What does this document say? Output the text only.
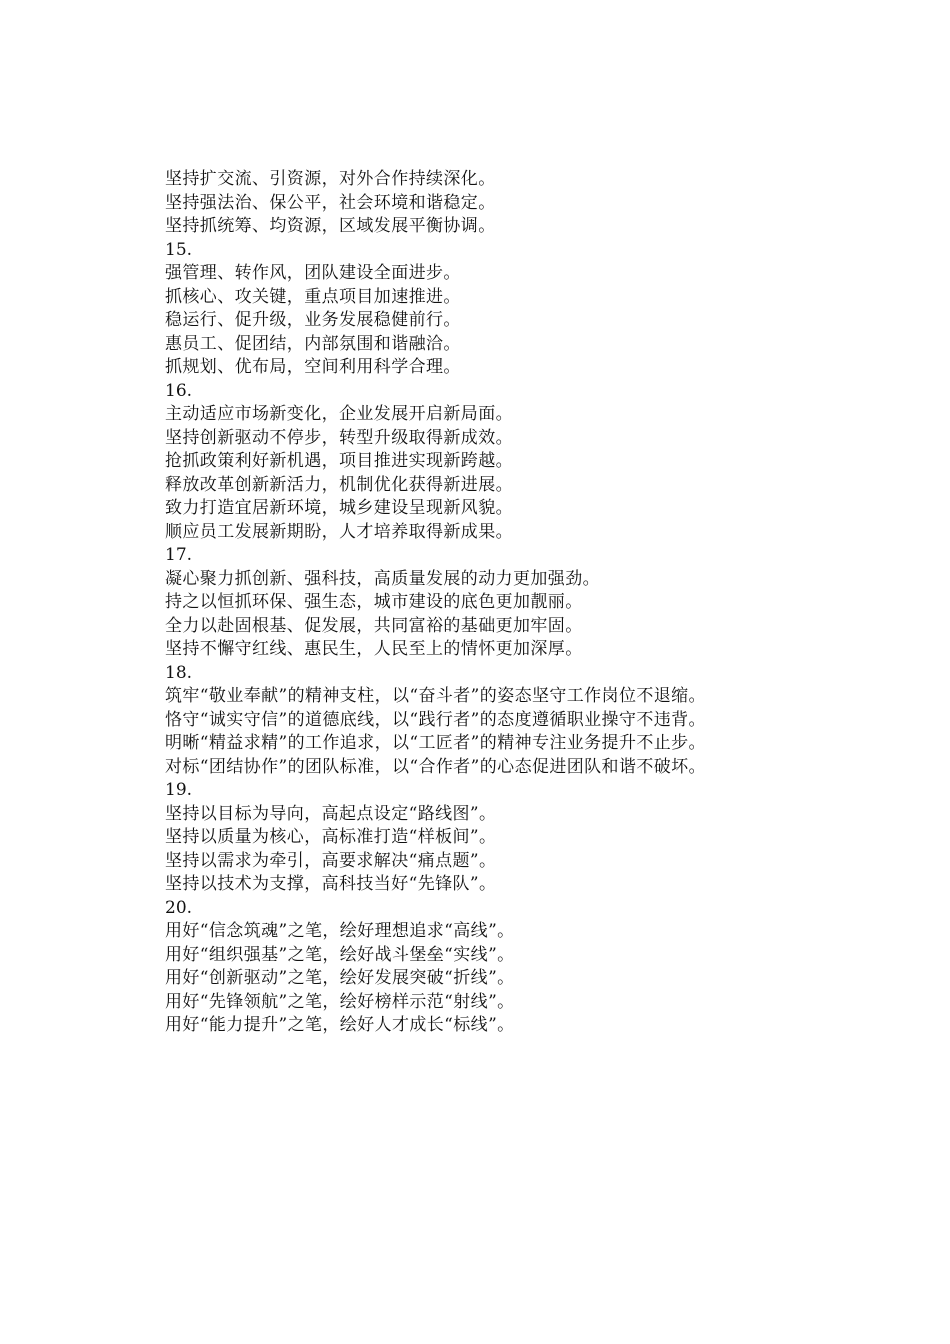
坚持扩交流、引资源，对外合作持续深化。
坚持强法治、保公平，社会环境和谐稳定。
坚持抓统筹、均资源，区域发展平衡协调。
15.
强管理、转作风，团队建设全面进步。
抓核心、攻关键，重点项目加速推进。
稳运行、促升级，业务发展稳健前行。
惠员工、促团结，内部氛围和谐融洽。
抓规划、优布局，空间利用科学合理。
16.
主动适应市场新变化，企业发展开启新局面。
坚持创新驱动不停步，转型升级取得新成效。
抢抓政策利好新机遇，项目推进实现新跨越。
释放改革创新新活力，机制优化获得新进展。
致力打造宜居新环境，城乡建设呈现新风貌。
顺应员工发展新期盼，人才培养取得新成果。
17.
凝心聚力抓创新、强科技，高质量发展的动力更加强劲。
持之以恒抓环保、强生态，城市建设的底色更加靓丽。
全力以赴固根基、促发展，共同富裕的基础更加牢固。
坚持不懈守红线、惠民生，人民至上的情怀更加深厚。
18.
筑牢“敬业奉献”的精神支柱，以“奋斗者”的姿态坚守工作岗位不退缩。
恪守“诚实守信”的道德底线，以“践行者”的态度遵循职业操守不违背。
明晰“精益求精”的工作追求，以“工匠者”的精神专注业务提升不止步。
对标“团结协作”的团队标准，以“合作者”的心态促进团队和谐不破坏。
19.
坚持以目标为导向，高起点设定“路线图”。
坚持以质量为核心，高标准打造“样板间”。
坚持以需求为牵引，高要求解决“痛点题”。
坚持以技术为支撑，高科技当好“先锋队”。
20.
用好“信念筑魂”之笔，绘好理想追求“高线”。
用好“组织强基”之笔，绘好战斗堡垒“实线”。
用好“创新驱动”之笔，绘好发展突破“折线”。
用好“先锋领航”之笔，绘好榜样示范“射线”。
用好“能力提升”之笔，绘好人才成长“标线”。
